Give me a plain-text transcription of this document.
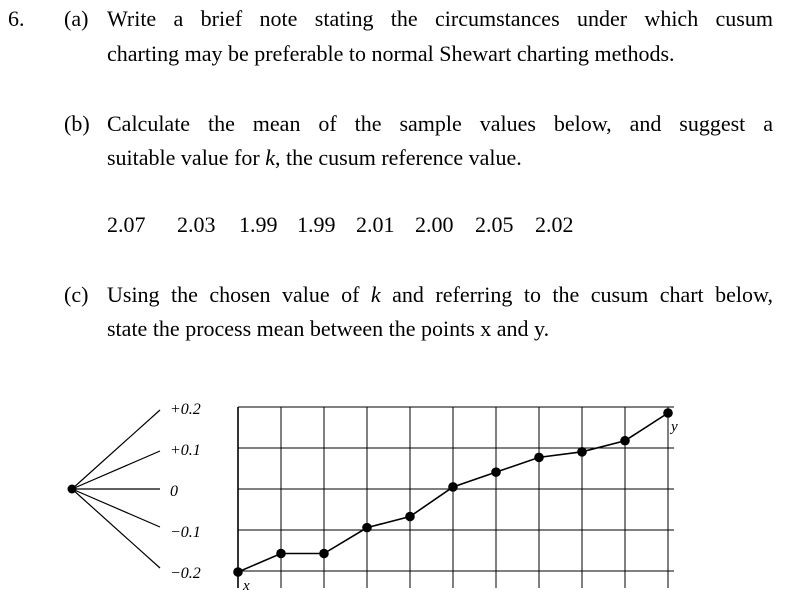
6. (a) Write a brief note stating the circumstances under which cusum
charting may be preferable to normal Shewart charting methods.
(b) Calculate the mean of the sample values below, and suggest a
suitable value for k, the cusum reference value.
2.07 2.03 1.99 1.99 2.01 2.00 2.05 2.02
(c) Using the chosen value of k and referring to the cusum chart below,
state the process mean between the points x and y.
+0.2
+0.1
0
−0.1
−0.2
x
y
